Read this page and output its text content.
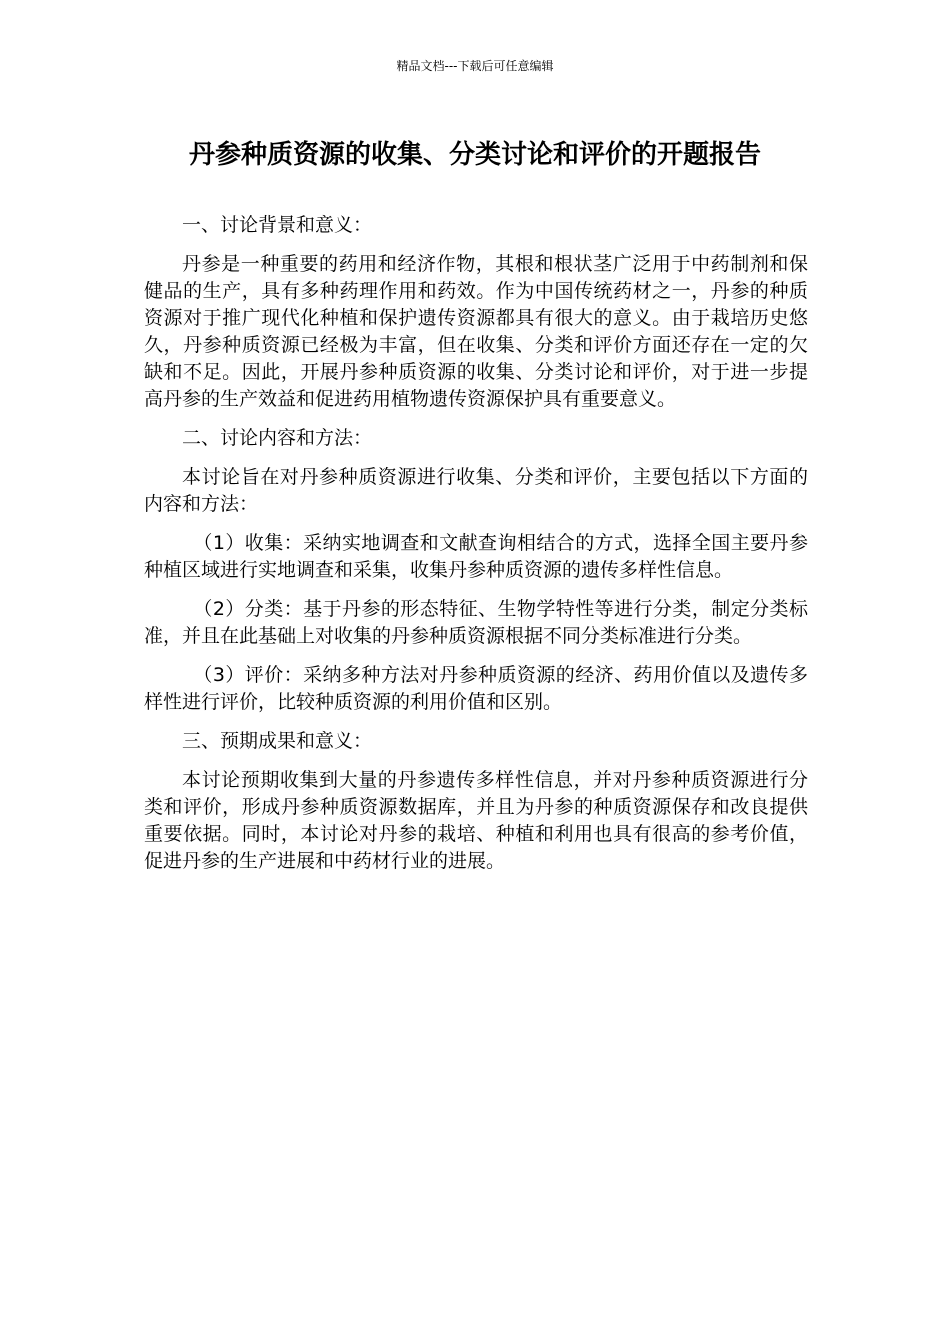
精品文档---下载后可任意编辑
丹参种质资源的收集、分类讨论和评价的开题报告

一、讨论背景和意义：

丹参是一种重要的药用和经济作物，其根和根状茎广泛用于中药制剂和保健品的生产，具有多种药理作用和药效。作为中国传统药材之一，丹参的种质资源对于推广现代化种植和保护遗传资源都具有很大的意义。由于栽培历史悠久，丹参种质资源已经极为丰富，但在收集、分类和评价方面还存在一定的欠缺和不足。因此，开展丹参种质资源的收集、分类讨论和评价，对于进一步提高丹参的生产效益和促进药用植物遗传资源保护具有重要意义。

二、讨论内容和方法：

本讨论旨在对丹参种质资源进行收集、分类和评价，主要包括以下方面的内容和方法：

（1）收集：采纳实地调查和文献查询相结合的方式，选择全国主要丹参种植区域进行实地调查和采集，收集丹参种质资源的遗传多样性信息。

（2）分类：基于丹参的形态特征、生物学特性等进行分类，制定分类标准，并且在此基础上对收集的丹参种质资源根据不同分类标准进行分类。

（3）评价：采纳多种方法对丹参种质资源的经济、药用价值以及遗传多样性进行评价，比较种质资源的利用价值和区别。

三、预期成果和意义：

本讨论预期收集到大量的丹参遗传多样性信息，并对丹参种质资源进行分类和评价，形成丹参种质资源数据库，并且为丹参的种质资源保存和改良提供重要依据。同时，本讨论对丹参的栽培、种植和利用也具有很高的参考价值，促进丹参的生产进展和中药材行业的进展。
